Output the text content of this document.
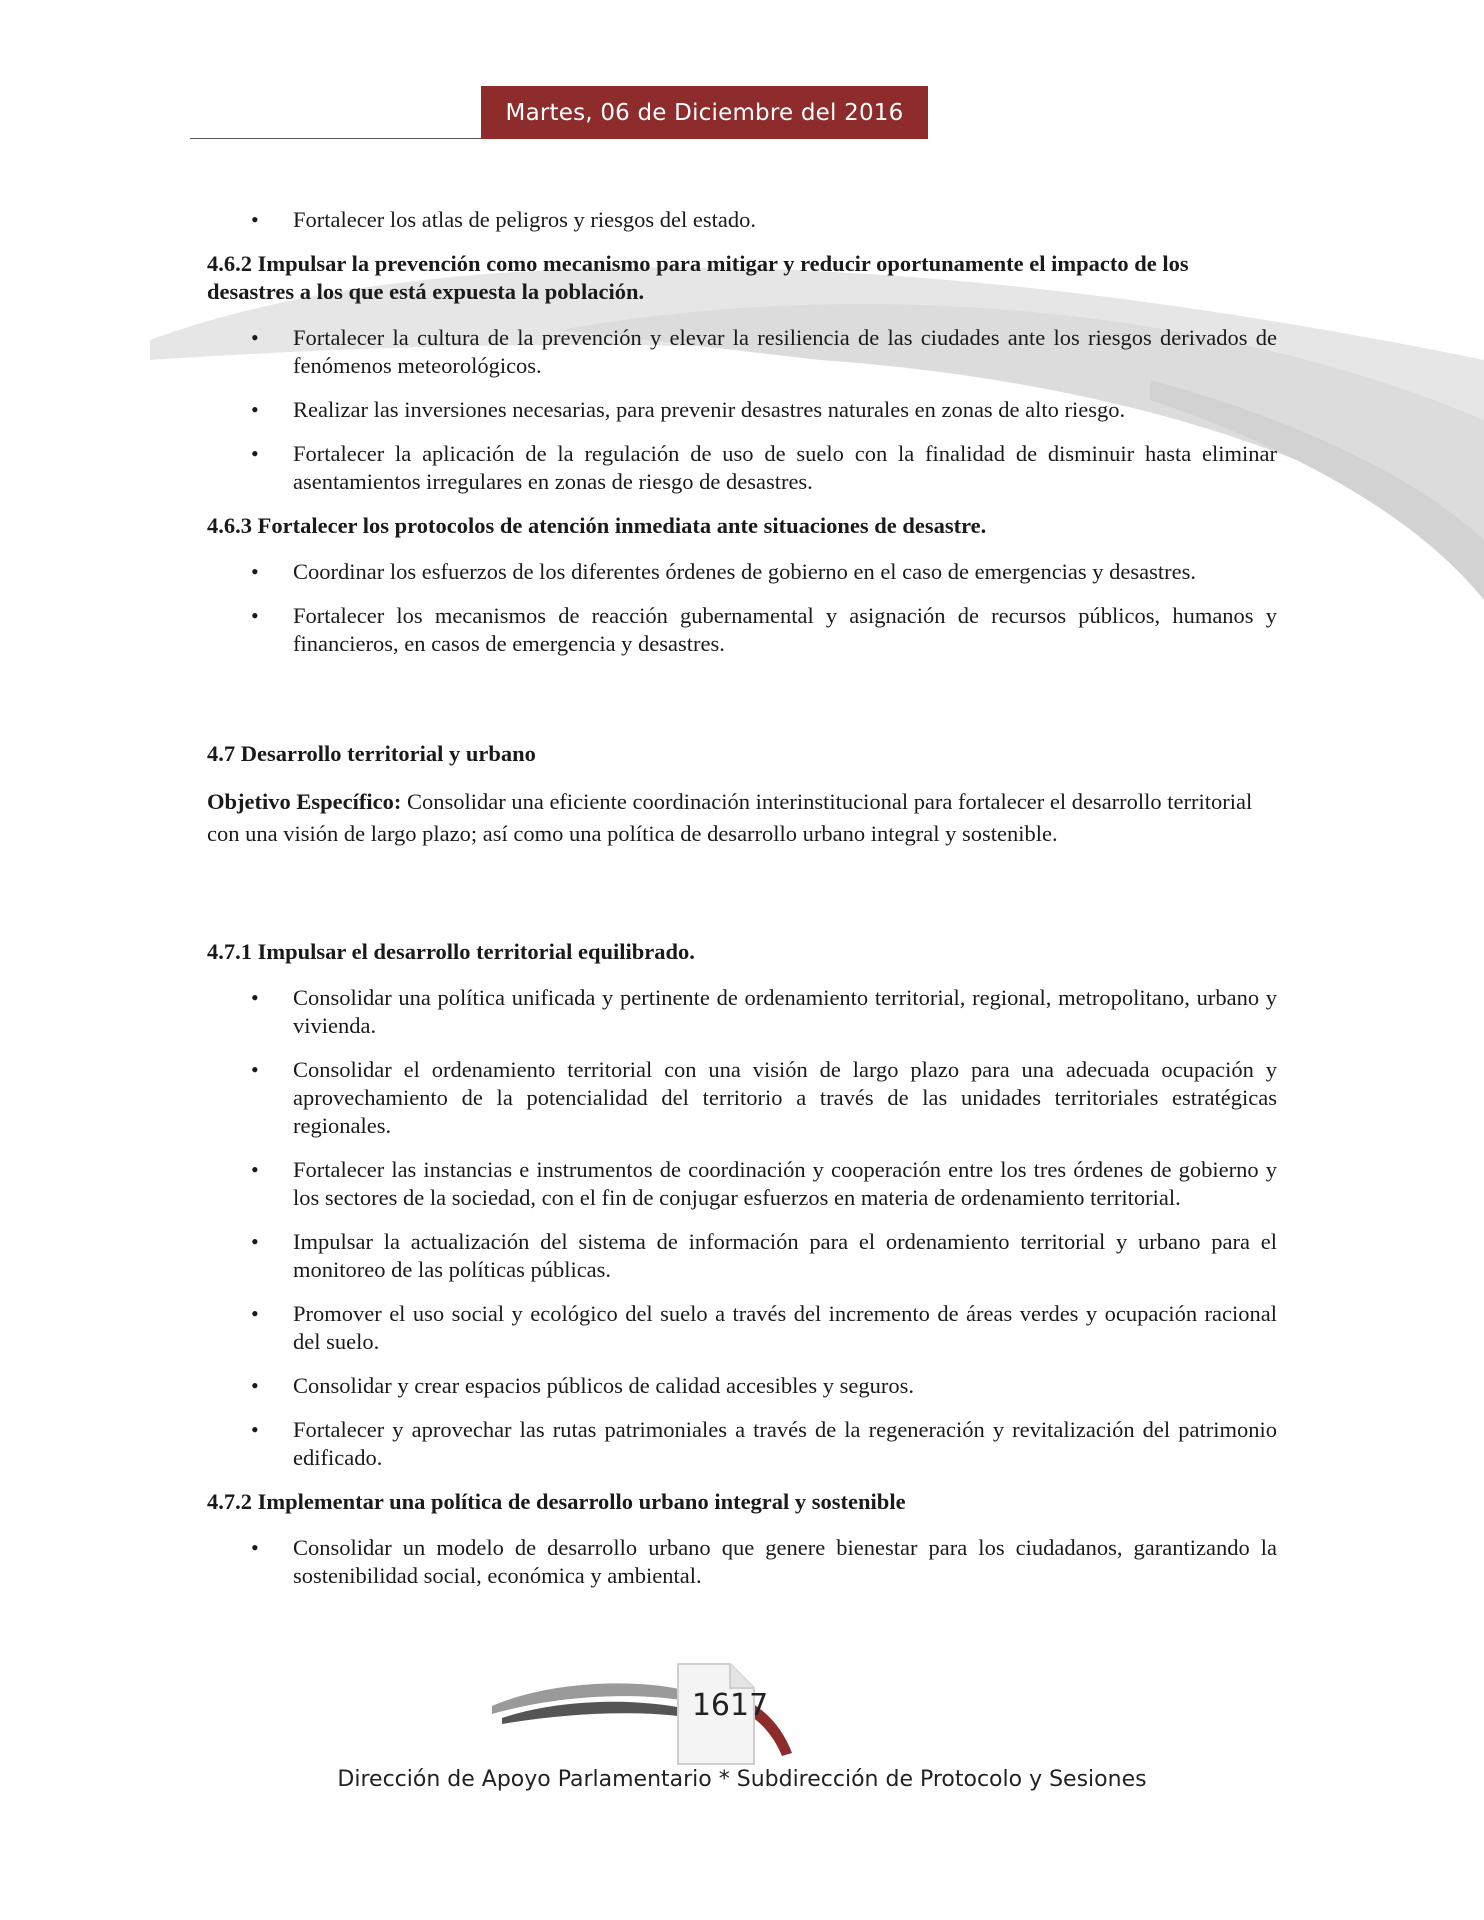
Martes, 06 de Diciembre del 2016
• Fortalecer los atlas de peligros y riesgos del estado.
4.6.2 Impulsar la prevención como mecanismo para mitigar y reducir oportunamente el impacto de los desastres a los que está expuesta la población.
• Fortalecer la cultura de la prevención y elevar la resiliencia de las ciudades ante los riesgos derivados de fenómenos meteorológicos.
• Realizar las inversiones necesarias, para prevenir desastres naturales en zonas de alto riesgo.
• Fortalecer la aplicación de la regulación de uso de suelo con la finalidad de disminuir hasta eliminar asentamientos irregulares en zonas de riesgo de desastres.
4.6.3 Fortalecer los protocolos de atención inmediata ante situaciones de desastre.
• Coordinar los esfuerzos de los diferentes órdenes de gobierno en el caso de emergencias y desastres.
• Fortalecer los mecanismos de reacción gubernamental y asignación de recursos públicos, humanos y financieros, en casos de emergencia y desastres.
4.7 Desarrollo territorial y urbano

Objetivo Específico: Consolidar una eficiente coordinación interinstitucional para fortalecer el desarrollo territorial con una visión de largo plazo; así como una política de desarrollo urbano integral y sostenible.

4.7.1 Impulsar el desarrollo territorial equilibrado.
• Consolidar una política unificada y pertinente de ordenamiento territorial, regional, metropolitano, urbano y vivienda.
• Consolidar el ordenamiento territorial con una visión de largo plazo para una adecuada ocupación y aprovechamiento de la potencialidad del territorio a través de las unidades territoriales estratégicas regionales.
• Fortalecer las instancias e instrumentos de coordinación y cooperación entre los tres órdenes de gobierno y los sectores de la sociedad, con el fin de conjugar esfuerzos en materia de ordenamiento territorial.
• Impulsar la actualización del sistema de información para el ordenamiento territorial y urbano para el monitoreo de las políticas públicas.
• Promover el uso social y ecológico del suelo a través del incremento de áreas verdes y ocupación racional del suelo.
• Consolidar y crear espacios públicos de calidad accesibles y seguros.
• Fortalecer y aprovechar las rutas patrimoniales a través de la regeneración y revitalización del patrimonio edificado.
4.7.2 Implementar una política de desarrollo urbano integral y sostenible
• Consolidar un modelo de desarrollo urbano que genere bienestar para los ciudadanos, garantizando la sostenibilidad social, económica y ambiental.
1617
Dirección de Apoyo Parlamentario * Subdirección de Protocolo y Sesiones
